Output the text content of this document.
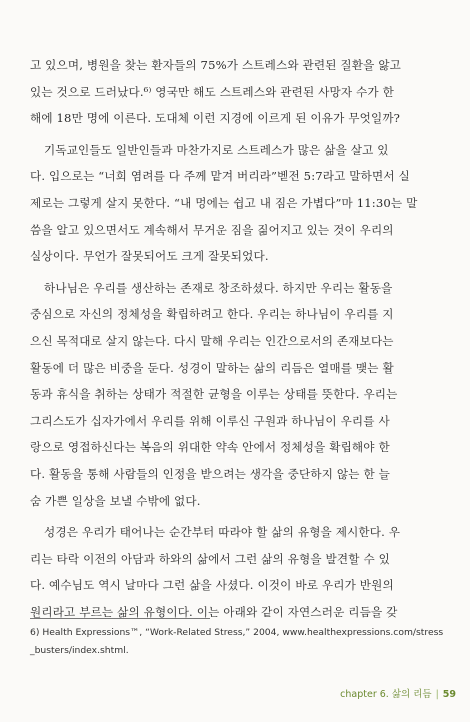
고 있으며, 병원을 찾는 환자들의 75%가 스트레스와 관련된 질환을 앓고
있는 것으로 드러났다.⁶⁾ 영국만 해도 스트레스와 관련된 사망자 수가 한
해에 18만 명에 이른다. 도대체 이런 지경에 이르게 된 이유가 무엇일까?
기독교인들도 일반인들과 마찬가지로 스트레스가 많은 삶을 살고 있
다. 입으로는 “너희 염려를 다 주께 맡겨 버리라”벧전 5:7라고 말하면서 실
제로는 그렇게 살지 못한다. “내 멍에는 쉽고 내 짐은 가볍다”마 11:30는 말
씀을 알고 있으면서도 계속해서 무거운 짐을 짊어지고 있는 것이 우리의
실상이다. 무언가 잘못되어도 크게 잘못되었다.
하나님은 우리를 생산하는 존재로 창조하셨다. 하지만 우리는 활동을
중심으로 자신의 정체성을 확립하려고 한다. 우리는 하나님이 우리를 지
으신 목적대로 살지 않는다. 다시 말해 우리는 인간으로서의 존재보다는
활동에 더 많은 비중을 둔다. 성경이 말하는 삶의 리듬은 열매를 맺는 활
동과 휴식을 취하는 상태가 적절한 균형을 이루는 상태를 뜻한다. 우리는
그리스도가 십자가에서 우리를 위해 이루신 구원과 하나님이 우리를 사
랑으로 영접하신다는 복음의 위대한 약속 안에서 정체성을 확립해야 한
다. 활동을 통해 사람들의 인정을 받으려는 생각을 중단하지 않는 한 늘
숨 가쁜 일상을 보낼 수밖에 없다.
성경은 우리가 태어나는 순간부터 따라야 할 삶의 유형을 제시한다. 우
리는 타락 이전의 아담과 하와의 삶에서 그런 삶의 유형을 발견할 수 있
다. 예수님도 역시 날마다 그런 삶을 사셨다. 이것이 바로 우리가 반원의
원리라고 부르는 삶의 유형이다. 이는 아래와 같이 자연스러운 리듬을 갖
6) Health Expressions™, “Work-Related Stress,” 2004, www.healthexpressions.com/stress
_busters/index.shtml.
chapter 6. 삶의 리듬 | 59
